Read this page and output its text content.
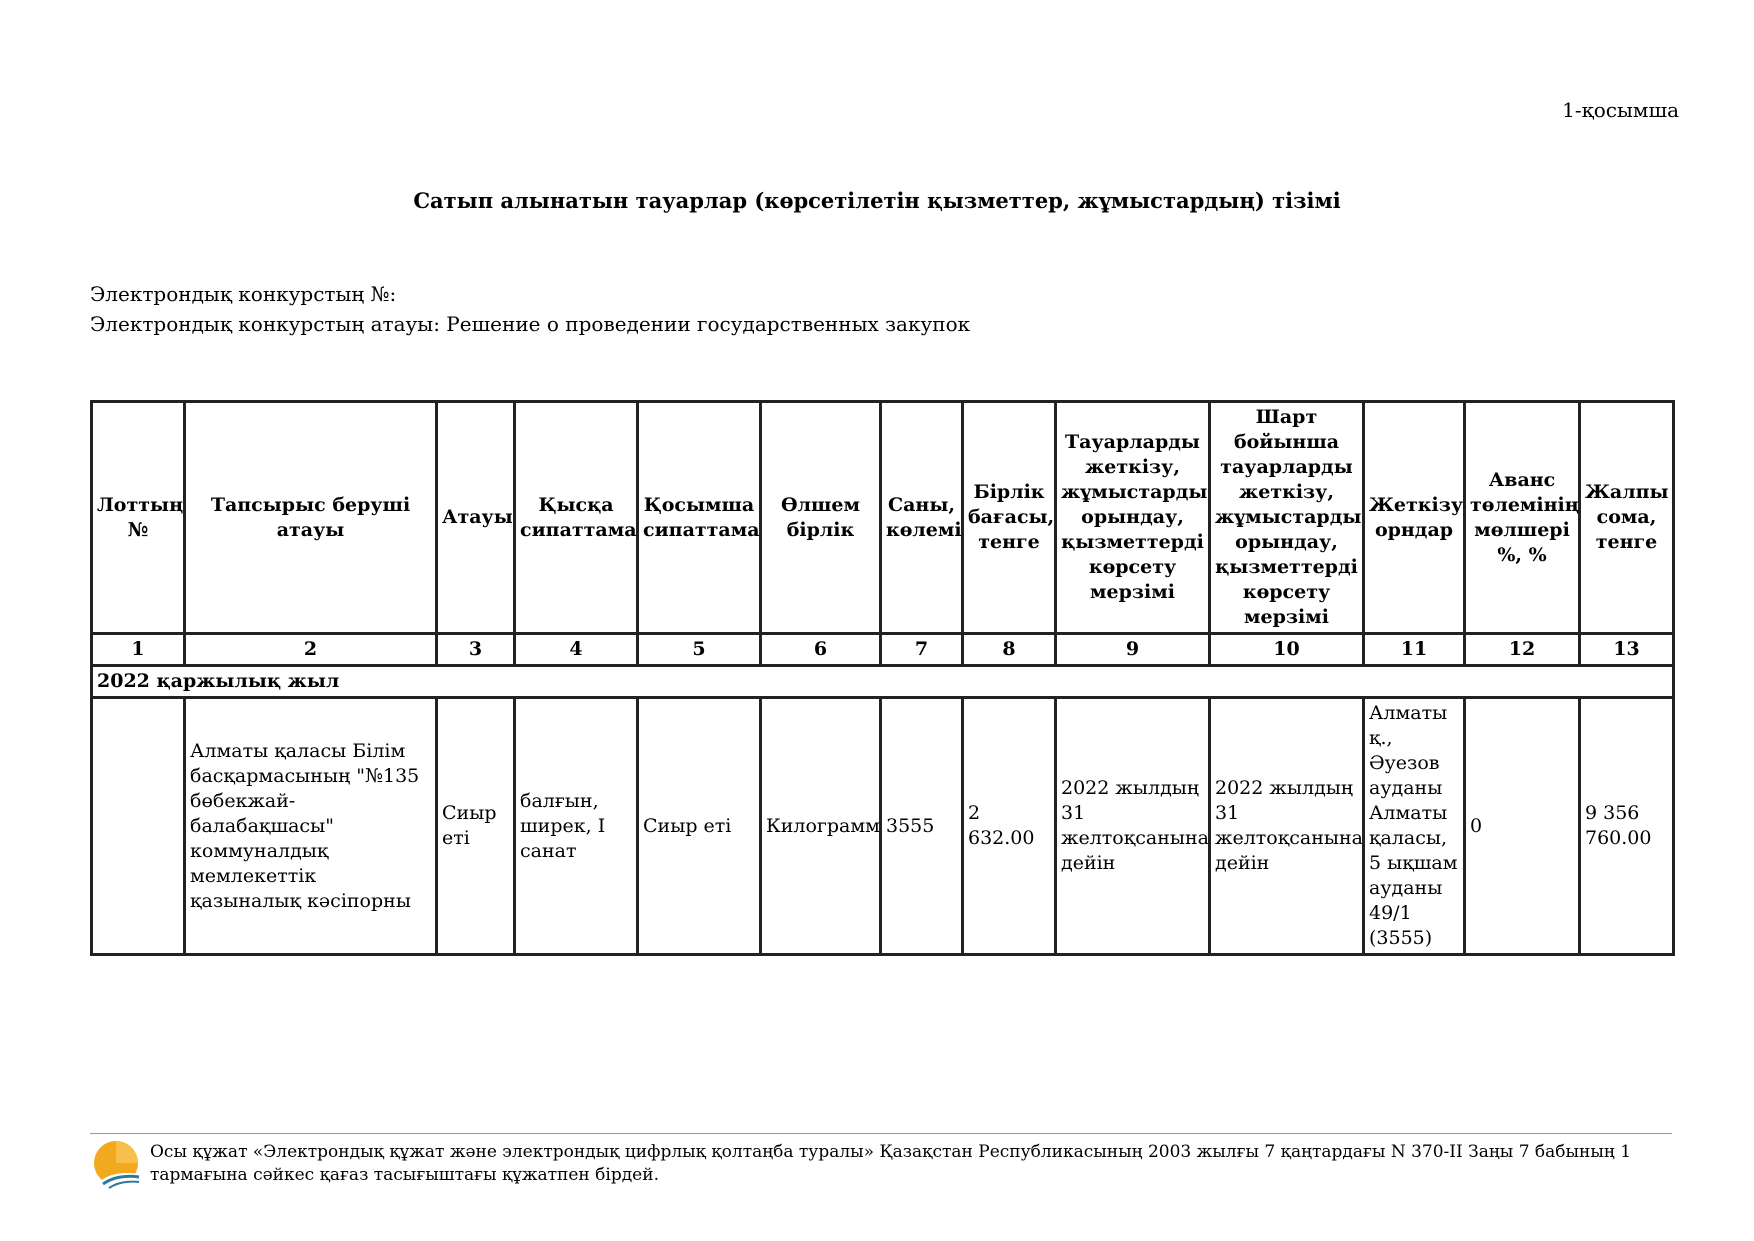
1-қосымша
Сатып алынатын тауарлар (көрсетілетін қызметтер, жұмыстардың) тізімі
Электрондық конкурстың №:
Электрондық конкурстың атауы: Решение о проведении государственных закупок
Лоттың №	Тапсырыс беруші атауы	Атауы	Қысқа сипаттама	Қосымша сипаттама	Өлшем бірлік	Саны, көлемі	Бірлік бағасы, тенге	Тауарларды жеткізу, жұмыстарды орындау, қызметтерді көрсету мерзімі	Шарт бойынша тауарларды жеткізу, жұмыстарды орындау, қызметтерді көрсету мерзімі	Жеткізу орндар	Аванс төлемінің мөлшері %, %	Жалпы сома, тенге
1	2	3	4	5	6	7	8	9	10	11	12	13
2022 қаржылық жыл												
	Алматы қаласы Білім басқармасының "№135 бөбекжай-балабақшасы" коммуналдық мемлекеттік қазыналық кәсіпорны	Сиыр еті	балғын, ширек, I санат	Сиыр еті	Килограмм	3555	2 632.00	2022 жылдың 31 желтоқсанына дейін	2022 жылдың 31 желтоқсанына дейін	Алматы қ., Әуезов ауданы Алматы қаласы, 5 ықшам ауданы 49/1 (3555)	0	9 356 760.00
Осы құжат «Электрондық құжат және электрондық цифрлық қолтаңба туралы» Қазақстан Республикасының 2003 жылғы 7 қаңтардағы N 370-II Заңы 7 бабының 1 тармағына сәйкес қағаз тасығыштағы құжатпен бірдей.
